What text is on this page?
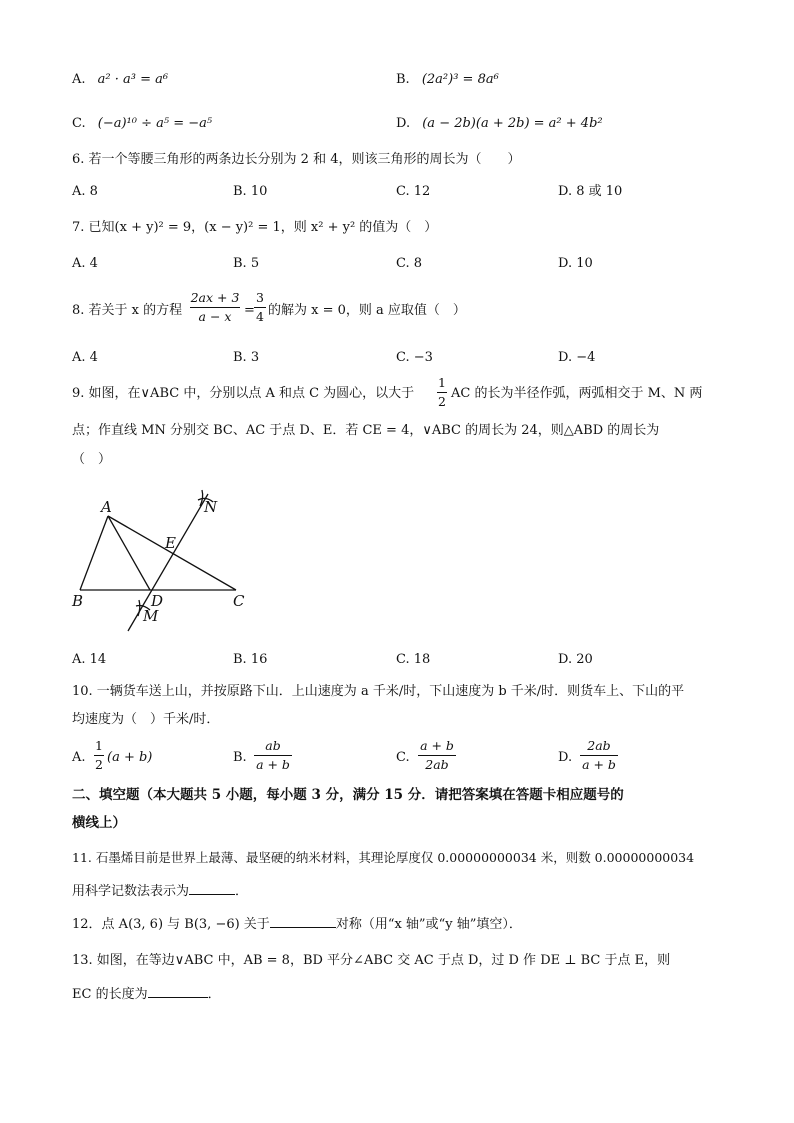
A. a² · a³ = a⁶	B. (2a²)³ = 8a⁶
C. (−a)¹⁰ ÷ a⁵ = −a⁵	D. (a − 2b)(a + 2b) = a² + 4b²
6. 若一个等腰三角形的两条边长分别为 2 和 4，则该三角形的周长为（　　）
A. 8	B. 10	C. 12	D. 8 或 10
7. 已知(x + y)² = 9，(x − y)² = 1，则 x² + y² 的值为（　）
A. 4	B. 5	C. 8	D. 10
8. 若关于 x 的方程
2ax + 3
a − x =
3
4 的解为 x = 0，则 a 应取值（　）
A. 4	B. 3	C. −3	D. −4
9. 如图，在∨ABC 中，分别以点 A 和点 C 为圆心，以大于
1
2
AC 的长为半径作弧，两弧相交于 M、N 两
点；作直线 MN 分别交 BC、AC 于点 D、E．若 CE = 4，∨ABC 的周长为 24，则△ABD 的周长为
（　）
A
B	C
D
E
M
N
A. 14	B. 16	C. 18	D. 20
10. 一辆货车送上山，并按原路下山．上山速度为 a 千米/时，下山速度为 b 千米/时．则货车上、下山的平
均速度为（　）千米/时．
A.
1
2 (a + b)	B.
ab
a + b	C.
a + b
2ab	D.
2ab
a + b
二、填空题（本大题共 5 小题，每小题 3 分，满分 15 分．请把答案填在答题卡相应题号的
横线上）
11. 石墨烯目前是世界上最薄、最坚硬的纳米材料，其理论厚度仅 0.00000000034 米，则数 0.00000000034
用科学记数法表示为	．
12．点 A(3, 6) 与 B(3, −6) 关于	对称（用“x 轴”或“y 轴”填空）．
13. 如图，在等边∨ABC 中，AB = 8，BD 平分∠ABC 交 AC 于点 D，过 D 作 DE ⊥ BC 于点 E，则
EC 的长度为	．
